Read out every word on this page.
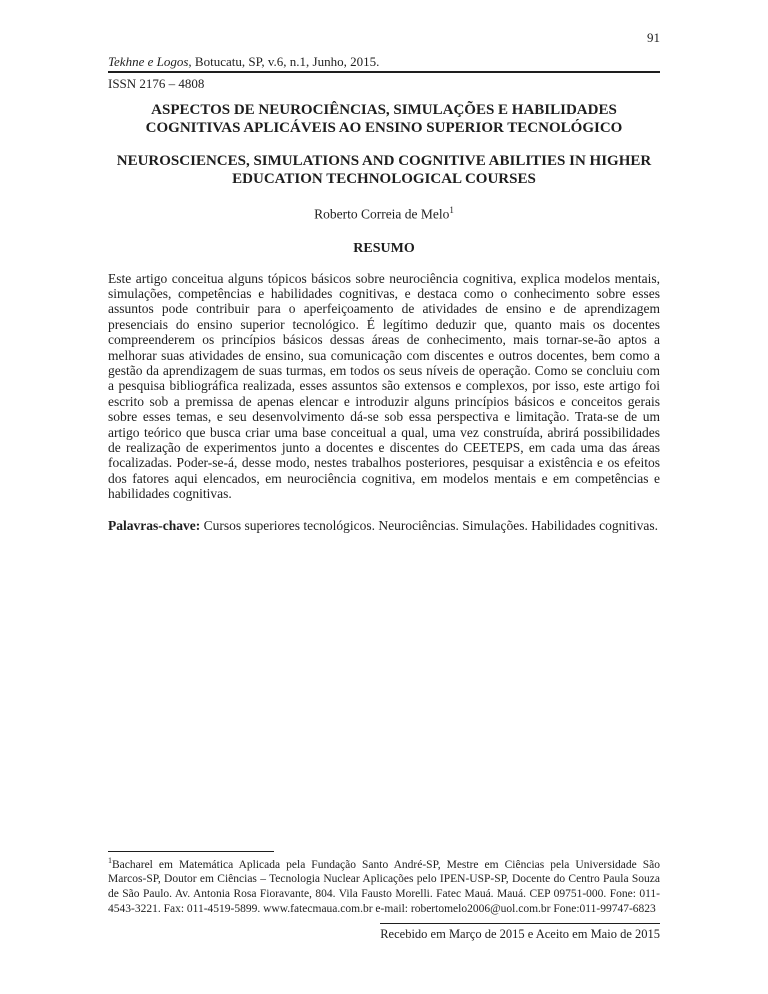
91
Tekhne e Logos, Botucatu, SP, v.6, n.1, Junho, 2015.
ISSN 2176 – 4808
ASPECTOS DE NEUROCIÊNCIAS, SIMULAÇÕES E HABILIDADES COGNITIVAS APLICÁVEIS AO ENSINO SUPERIOR TECNOLÓGICO
NEUROSCIENCES, SIMULATIONS AND COGNITIVE ABILITIES IN HIGHER EDUCATION TECHNOLOGICAL COURSES
Roberto Correia de Melo$^1$
RESUMO

Este artigo conceitua alguns tópicos básicos sobre neurociência cognitiva, explica modelos mentais, simulações, competências e habilidades cognitivas, e destaca como o conhecimento sobre esses assuntos pode contribuir para o aperfeiçoamento de atividades de ensino e de aprendizagem presenciais do ensino superior tecnológico. É legítimo deduzir que, quanto mais os docentes compreenderem os princípios básicos dessas áreas de conhecimento, mais tornar-se-ão aptos a melhorar suas atividades de ensino, sua comunicação com discentes e outros docentes, bem como a gestão da aprendizagem de suas turmas, em todos os seus níveis de operação. Como se concluiu com a pesquisa bibliográfica realizada, esses assuntos são extensos e complexos, por isso, este artigo foi escrito sob a premissa de apenas elencar e introduzir alguns princípios básicos e conceitos gerais sobre esses temas, e seu desenvolvimento dá-se sob essa perspectiva e limitação. Trata-se de um artigo teórico que busca criar uma base conceitual a qual, uma vez construída, abrirá possibilidades de realização de experimentos junto a docentes e discentes do CEETEPS, em cada uma das áreas focalizadas. Poder-se-á, desse modo, nestes trabalhos posteriores, pesquisar a existência e os efeitos dos fatores aqui elencados, em neurociência cognitiva, em modelos mentais e em competências e habilidades cognitivas.

Palavras-chave: Cursos superiores tecnológicos. Neurociências. Simulações. Habilidades cognitivas.

$^1$Bacharel em Matemática Aplicada pela Fundação Santo André-SP, Mestre em Ciências pela Universidade São Marcos-SP, Doutor em Ciências – Tecnologia Nuclear Aplicações pelo IPEN-USP-SP, Docente do Centro Paula Souza de São Paulo. Av. Antonia Rosa Fioravante, 804. Vila Fausto Morelli. Fatec Mauá. Mauá. CEP 09751-000. Fone: 011-4543-3221. Fax: 011-4519-5899. www.fatecmaua.com.br e-mail: robertomelo2006@uol.com.br Fone:011-99747-6823

Recebido em Março de 2015 e Aceito em Maio de 2015
